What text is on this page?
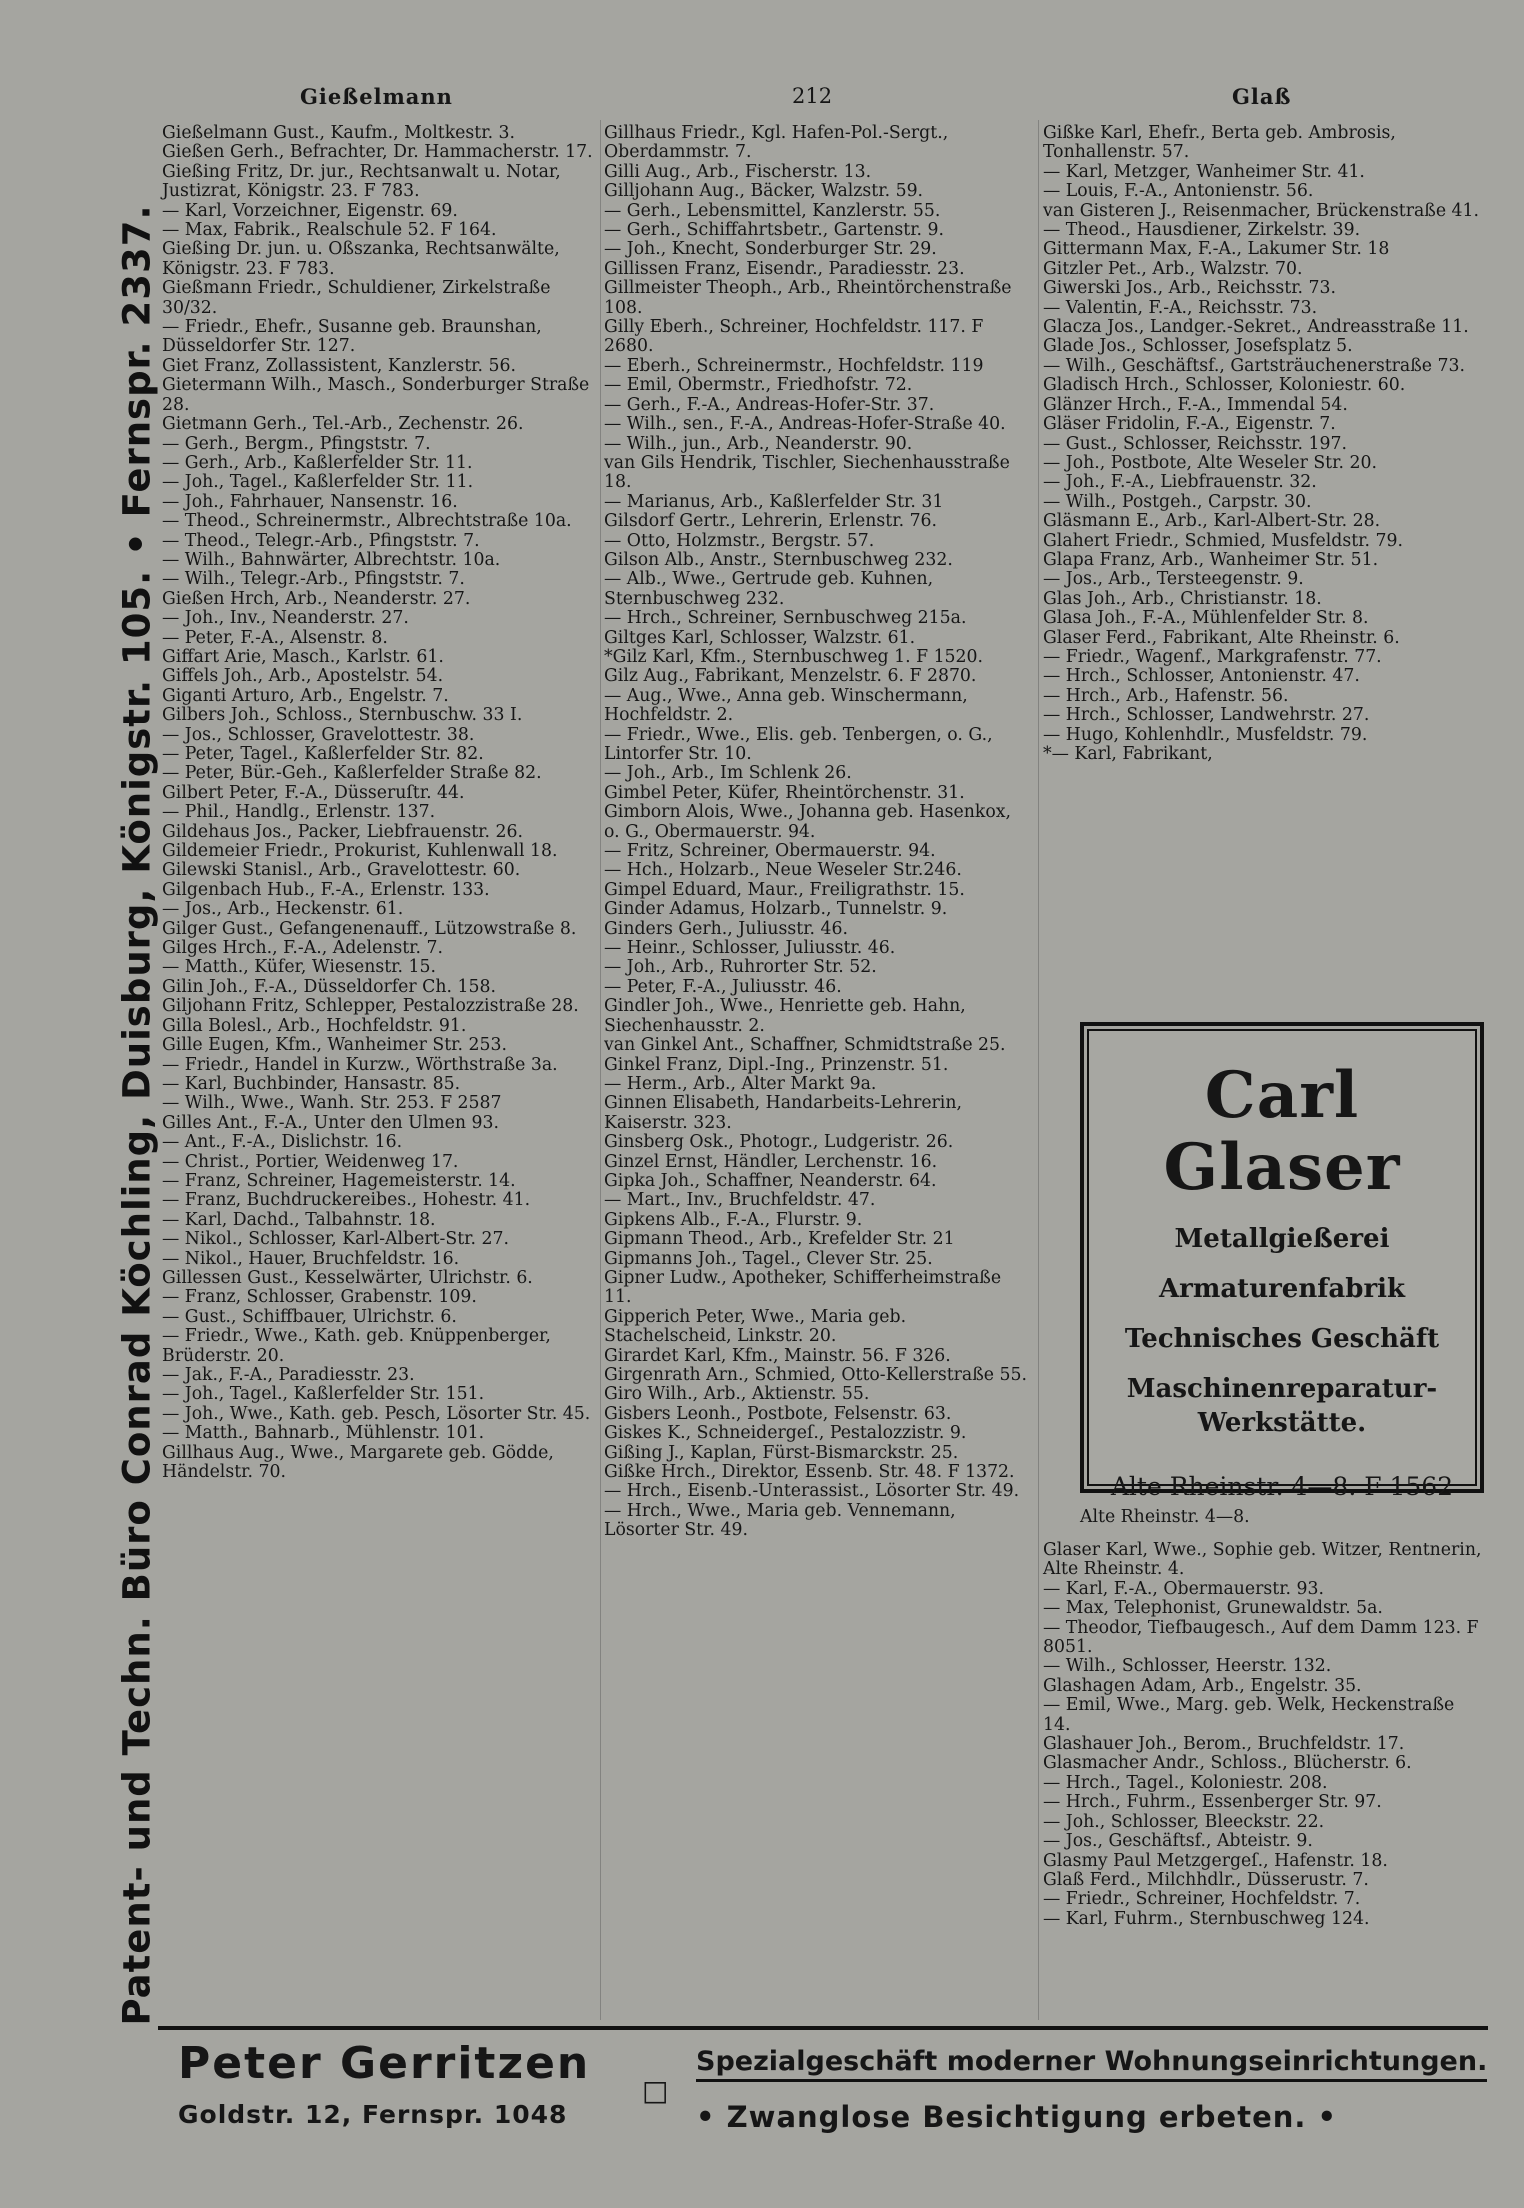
Patent- und Techn. Büro Conrad Köchling, Duisburg, Königstr. 105. • Fernspr. 2337.
Gießelmann	212	Glaß
Gießelmann Gust., Kaufm., Moltkestr. 3.
Gießen Gerh., Befrachter, Dr. Hammacherstr. 17.
Gießing Fritz, Dr. jur., Rechtsanwalt u. Notar, Justizrat, Königstr. 23. F 783.
— Karl, Vorzeichner, Eigenstr. 69.
— Max, Fabrik., Realschule 52. F 164.
Gießing Dr. jun. u. Oßszanka, Rechtsanwälte, Königstr. 23. F 783.
Gießmann Friedr., Schuldiener, Zirkelstraße 30/32.
— Friedr., Ehefr., Susanne geb. Braunshan, Düsseldorfer Str. 127.
Giet Franz, Zollassistent, Kanzlerstr. 56.
Gietermann Wilh., Masch., Sonderburger Straße 28.
Gietmann Gerh., Tel.-Arb., Zechenstr. 26.
— Gerh., Bergm., Pfingststr. 7.
— Gerh., Arb., Kaßlerfelder Str. 11.
— Joh., Tagel., Kaßlerfelder Str. 11.
— Joh., Fahrhauer, Nansenstr. 16.
— Theod., Schreinermstr., Albrechtstraße 10a.
— Theod., Telegr.-Arb., Pfingststr. 7.
— Wilh., Bahnwärter, Albrechtstr. 10a.
— Wilh., Telegr.-Arb., Pfingststr. 7.
Gießen Hrch, Arb., Neanderstr. 27.
— Joh., Inv., Neanderstr. 27.
— Peter, F.-A., Alsenstr. 8.
Giffart Arie, Masch., Karlstr. 61.
Giffels Joh., Arb., Apostelstr. 54.
Giganti Arturo, Arb., Engelstr. 7.
Gilbers Joh., Schloss., Sternbuschw. 33 I.
— Jos., Schlosser, Gravelottestr. 38.
— Peter, Tagel., Kaßlerfelder Str. 82.
— Peter, Bür.-Geh., Kaßlerfelder Straße 82.
Gilbert Peter, F.-A., Düsseruſtr. 44.
— Phil., Handlg., Erlenstr. 137.
Gildehaus Jos., Packer, Liebfrauenstr. 26.
Gildemeier Friedr., Prokurist, Kuhlenwall 18.
Gilewski Stanisl., Arb., Gravelottestr. 60.
Gilgenbach Hub., F.-A., Erlenstr. 133.
— Jos., Arb., Heckenstr. 61.
Gilger Gust., Gefangenenauff., Lützowstraße 8.
Gilges Hrch., F.-A., Adelenstr. 7.
— Matth., Küfer, Wiesenstr. 15.
Gilin Joh., F.-A., Düsseldorfer Ch. 158.
Giljohann Fritz, Schlepper, Pestalozzistraße 28.
Gilla Bolesl., Arb., Hochfeldstr. 91.
Gille Eugen, Kfm., Wanheimer Str. 253.
— Friedr., Handel in Kurzw., Wörthstraße 3a.
— Karl, Buchbinder, Hansastr. 85.
— Wilh., Wwe., Wanh. Str. 253. F 2587
Gilles Ant., F.-A., Unter den Ulmen 93.
— Ant., F.-A., Dislichstr. 16.
— Christ., Portier, Weidenweg 17.
— Franz, Schreiner, Hagemeisterstr. 14.
— Franz, Buchdruckereibes., Hohestr. 41.
— Karl, Dachd., Talbahnstr. 18.
— Nikol., Schlosser, Karl-Albert-Str. 27.
— Nikol., Hauer, Bruchfeldstr. 16.
Gillessen Gust., Kesselwärter, Ulrichstr. 6.
— Franz, Schlosser, Grabenstr. 109.
— Gust., Schiffbauer, Ulrichstr. 6.
— Friedr., Wwe., Kath. geb. Knüppenberger, Brüderstr. 20.
— Jak., F.-A., Paradiesstr. 23.
— Joh., Tagel., Kaßlerfelder Str. 151.
— Joh., Wwe., Kath. geb. Pesch, Lösorter Str. 45.
— Matth., Bahnarb., Mühlenstr. 101.
Gillhaus Aug., Wwe., Margarete geb. Gödde, Händelstr. 70.
Gillhaus Friedr., Kgl. Hafen-Pol.-Sergt., Oberdammstr. 7.
Gilli Aug., Arb., Fischerstr. 13.
Gilljohann Aug., Bäcker, Walzstr. 59.
— Gerh., Lebensmittel, Kanzlerstr. 55.
— Gerh., Schiffahrtsbetr., Gartenstr. 9.
— Joh., Knecht, Sonderburger Str. 29.
Gillissen Franz, Eisendr., Paradiesstr. 23.
Gillmeister Theoph., Arb., Rheintörchenstraße 108.
Gilly Eberh., Schreiner, Hochfeldstr. 117. F 2680.
— Eberh., Schreinermstr., Hochfeldstr. 119
— Emil, Obermstr., Friedhofstr. 72.
— Gerh., F.-A., Andreas-Hofer-Str. 37.
— Wilh., sen., F.-A., Andreas-Hofer-Straße 40.
— Wilh., jun., Arb., Neanderstr. 90.
van Gils Hendrik, Tischler, Siechenhausstraße 18.
— Marianus, Arb., Kaßlerfelder Str. 31
Gilsdorf Gertr., Lehrerin, Erlenstr. 76.
— Otto, Holzmstr., Bergstr. 57.
Gilson Alb., Anstr., Sternbuschweg 232.
— Alb., Wwe., Gertrude geb. Kuhnen, Sternbuschweg 232.
— Hrch., Schreiner, Sernbuschweg 215a.
Giltges Karl, Schlosser, Walzstr. 61.
*Gilz Karl, Kfm., Sternbuschweg 1. F 1520.
Gilz Aug., Fabrikant, Menzelstr. 6. F 2870.
— Aug., Wwe., Anna geb. Winschermann, Hochfeldstr. 2.
— Friedr., Wwe., Elis. geb. Tenbergen, o. G., Lintorfer Str. 10.
— Joh., Arb., Im Schlenk 26.
Gimbel Peter, Küfer, Rheintörchenstr. 31.
Gimborn Alois, Wwe., Johanna geb. Hasenkox, o. G., Obermauerstr. 94.
— Fritz, Schreiner, Obermauerstr. 94.
— Hch., Holzarb., Neue Weseler Str.246.
Gimpel Eduard, Maur., Freiligrathstr. 15.
Ginder Adamus, Holzarb., Tunnelstr. 9.
Ginders Gerh., Juliusstr. 46.
— Heinr., Schlosser, Juliusstr. 46.
— Joh., Arb., Ruhrorter Str. 52.
— Peter, F.-A., Juliusstr. 46.
Gindler Joh., Wwe., Henriette geb. Hahn, Siechenhausstr. 2.
van Ginkel Ant., Schaffner, Schmidtstraße 25.
Ginkel Franz, Dipl.-Ing., Prinzenstr. 51.
— Herm., Arb., Alter Markt 9a.
Ginnen Elisabeth, Handarbeits-Lehrerin, Kaiserstr. 323.
Ginsberg Osk., Photogr., Ludgeristr. 26.
Ginzel Ernst, Händler, Lerchenstr. 16.
Gipka Joh., Schaffner, Neanderstr. 64.
— Mart., Inv., Bruchfeldstr. 47.
Gipkens Alb., F.-A., Flurstr. 9.
Gipmann Theod., Arb., Krefelder Str. 21
Gipmanns Joh., Tagel., Clever Str. 25.
Gipner Ludw., Apotheker, Schifferheimstraße 11.
Gipperich Peter, Wwe., Maria geb. Stachelscheid, Linkstr. 20.
Girardet Karl, Kfm., Mainstr. 56. F 326.
Girgenrath Arn., Schmied, Otto-Kellerstraße 55.
Giro Wilh., Arb., Aktienstr. 55.
Gisbers Leonh., Postbote, Felsenstr. 63.
Giskes K., Schneidergeſ., Pestalozzistr. 9.
Gißing J., Kaplan, Fürst-Bismarckstr. 25.
Gißke Hrch., Direktor, Essenb. Str. 48. F 1372.
— Hrch., Eisenb.-Unterassist., Lösorter Str. 49.
— Hrch., Wwe., Maria geb. Vennemann, Lösorter Str. 49.
Gißke Karl, Ehefr., Berta geb. Ambrosis, Tonhallenstr. 57.
— Karl, Metzger, Wanheimer Str. 41.
— Louis, F.-A., Antonienstr. 56.
van Gisteren J., Reisenmacher, Brückenstraße 41.
— Theod., Hausdiener, Zirkelstr. 39.
Gittermann Max, F.-A., Lakumer Str. 18
Gitzler Pet., Arb., Walzstr. 70.
Giwerski Jos., Arb., Reichsstr. 73.
— Valentin, F.-A., Reichsstr. 73.
Glacza Jos., Landger.-Sekret., Andreasstraße 11.
Glade Jos., Schlosser, Josefsplatz 5.
— Wilh., Geschäftsf., Gartsträuchenerstraße 73.
Gladisch Hrch., Schlosser, Koloniestr. 60.
Glänzer Hrch., F.-A., Immendal 54.
Gläser Fridolin, F.-A., Eigenstr. 7.
— Gust., Schlosser, Reichsstr. 197.
— Joh., Postbote, Alte Weseler Str. 20.
— Joh., F.-A., Liebfrauenstr. 32.
— Wilh., Postgeh., Carpstr. 30.
Gläsmann E., Arb., Karl-Albert-Str. 28.
Glahert Friedr., Schmied, Musfeldstr. 79.
Glapa Franz, Arb., Wanheimer Str. 51.
— Jos., Arb., Tersteegenstr. 9.
Glas Joh., Arb., Christianstr. 18.
Glasa Joh., F.-A., Mühlenfelder Str. 8.
Glaser Ferd., Fabrikant, Alte Rheinstr. 6.
— Friedr., Wagenf., Markgrafenstr. 77.
— Hrch., Schlosser, Antonienstr. 47.
— Hrch., Arb., Hafenstr. 56.
— Hrch., Schlosser, Landwehrstr. 27.
— Hugo, Kohlenhdlr., Musfeldstr. 79.
*— Karl, Fabrikant,
Carl Glaser
Metallgießerei
Armaturenfabrik
Technisches Geschäft
Maschinenreparatur-
Werkstätte.
Alte Rheinstr. 4—8. F 1562
Alte Rheinstr. 4—8.
Glaser Karl, Wwe., Sophie geb. Witzer, Rentnerin, Alte Rheinstr. 4.
— Karl, F.-A., Obermauerstr. 93.
— Max, Telephonist, Grunewaldstr. 5a.
— Theodor, Tiefbaugesch., Auf dem Damm 123. F 8051.
— Wilh., Schlosser, Heerstr. 132.
Glashagen Adam, Arb., Engelstr. 35.
— Emil, Wwe., Marg. geb. Welk, Heckenstraße 14.
Glashauer Joh., Berom., Bruchfeldstr. 17.
Glasmacher Andr., Schloss., Blücherstr. 6.
— Hrch., Tagel., Koloniestr. 208.
— Hrch., Fuhrm., Essenberger Str. 97.
— Joh., Schlosser, Bleeckstr. 22.
— Jos., Geschäftsf., Abteistr. 9.
Glasmy Paul Metzgergeſ., Hafenstr. 18.
Glaß Ferd., Milchhdlr., Düsserustr. 7.
— Friedr., Schreiner, Hochfeldstr. 7.
— Karl, Fuhrm., Sternbuschweg 124.
Peter Gerritzen
Goldstr. 12, Fernspr. 1048
□
Spezialgeschäft moderner Wohnungseinrichtungen.
• Zwanglose Besichtigung erbeten. •
